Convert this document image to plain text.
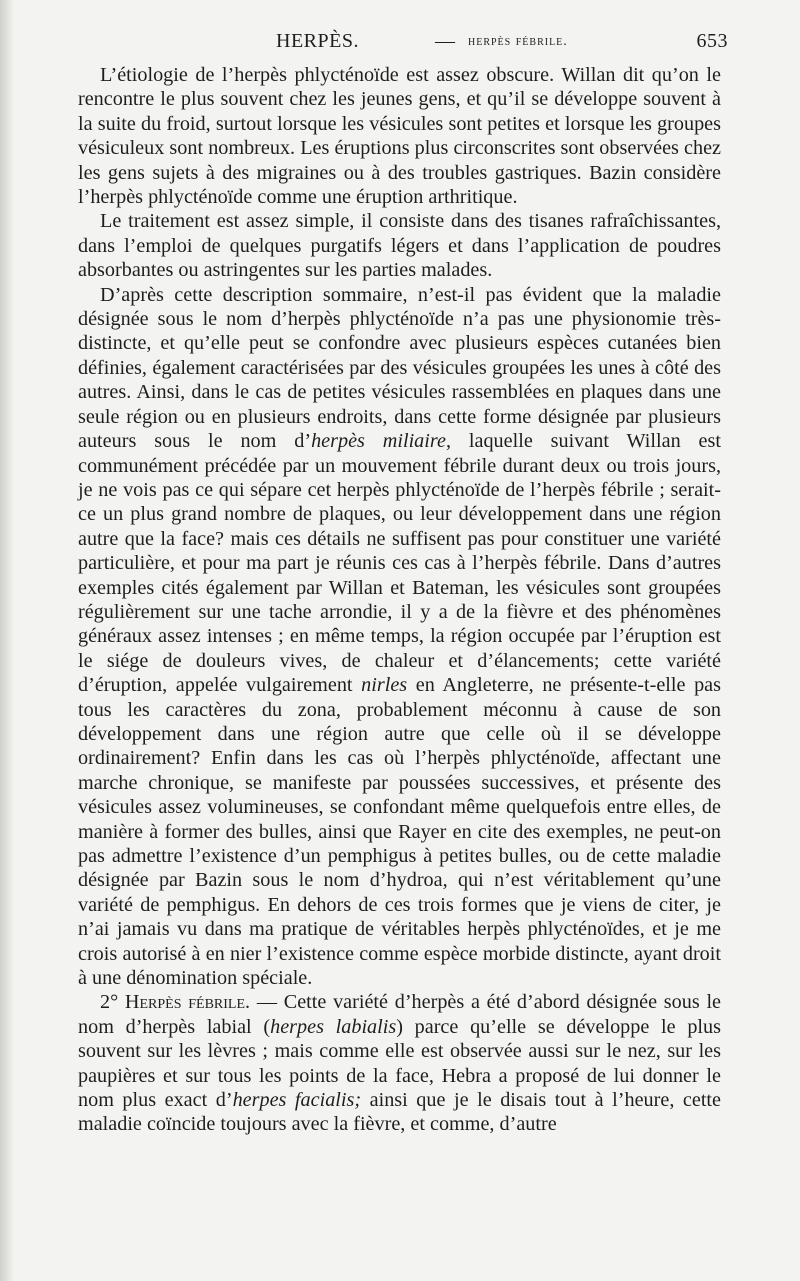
HERPÈS.	— herpès fébrile.	653

L’étiologie de l’herpès phlycténoïde est assez obscure. Willan dit qu’on le rencontre le plus souvent chez les jeunes gens, et qu’il se développe souvent à la suite du froid, surtout lorsque les vésicules sont petites et lorsque les groupes vésiculeux sont nombreux. Les éruptions plus circonscrites sont observées chez les gens sujets à des migraines ou à des troubles gastriques. Bazin considère l’herpès phlycténoïde comme une éruption arthritique.

Le traitement est assez simple, il consiste dans des tisanes rafraîchissantes, dans l’emploi de quelques purgatifs légers et dans l’application de poudres absorbantes ou astringentes sur les parties malades.

D’après cette description sommaire, n’est-il pas évident que la maladie désignée sous le nom d’herpès phlycténoïde n’a pas une physionomie très-distincte, et qu’elle peut se confondre avec plusieurs espèces cutanées bien définies, également caractérisées par des vésicules groupées les unes à côté des autres. Ainsi, dans le cas de petites vésicules rassemblées en plaques dans une seule région ou en plusieurs endroits, dans cette forme désignée par plusieurs auteurs sous le nom d’herpès miliaire, laquelle suivant Willan est communément précédée par un mouvement fébrile durant deux ou trois jours, je ne vois pas ce qui sépare cet herpès phlycténoïde de l’herpès fébrile ; serait-ce un plus grand nombre de plaques, ou leur développement dans une région autre que la face? mais ces détails ne suffisent pas pour constituer une variété particulière, et pour ma part je réunis ces cas à l’herpès fébrile. Dans d’autres exemples cités également par Willan et Bateman, les vésicules sont groupées régulièrement sur une tache arrondie, il y a de la fièvre et des phénomènes généraux assez intenses ; en même temps, la région occupée par l’éruption est le siége de douleurs vives, de chaleur et d’élancements; cette variété d’éruption, appelée vulgairement nirles en Angleterre, ne présente-t-elle pas tous les caractères du zona, probablement méconnu à cause de son développement dans une région autre que celle où il se développe ordinairement? Enfin dans les cas où l’herpès phlycténoïde, affectant une marche chronique, se manifeste par poussées successives, et présente des vésicules assez volumineuses, se confondant même quelquefois entre elles, de manière à former des bulles, ainsi que Rayer en cite des exemples, ne peut-on pas admettre l’existence d’un pemphigus à petites bulles, ou de cette maladie désignée par Bazin sous le nom d’hydroa, qui n’est véritablement qu’une variété de pemphigus. En dehors de ces trois formes que je viens de citer, je n’ai jamais vu dans ma pratique de véritables herpès phlycténoïdes, et je me crois autorisé à en nier l’existence comme espèce morbide distincte, ayant droit à une dénomination spéciale.

2° Herpès fébrile. — Cette variété d’herpès a été d’abord désignée sous le nom d’herpès labial (herpes labialis) parce qu’elle se développe le plus souvent sur les lèvres ; mais comme elle est observée aussi sur le nez, sur les paupières et sur tous les points de la face, Hebra a proposé de lui donner le nom plus exact d’herpes facialis; ainsi que je le disais tout à l’heure, cette maladie coïncide toujours avec la fièvre, et comme, d’autre
